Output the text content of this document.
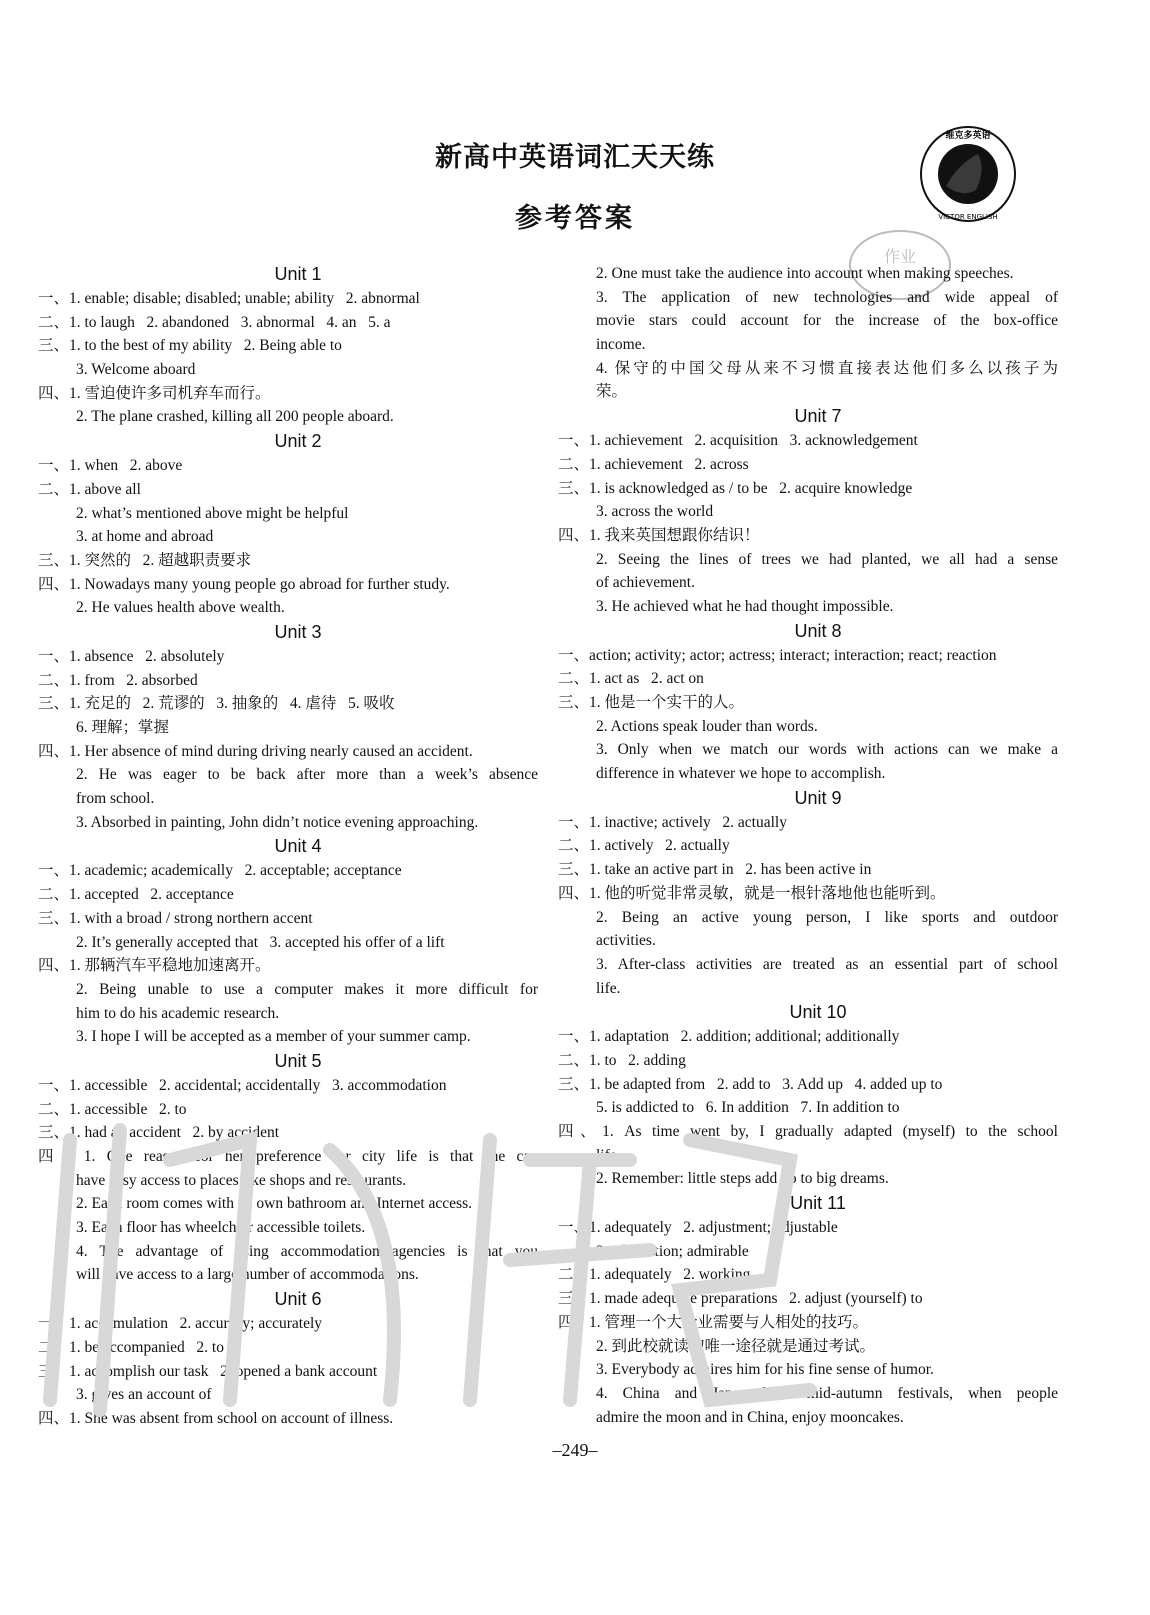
新高中英语词汇天天练
参考答案
维克多英语
VICTOR ENGLISH
作业
Unit 1
一、1. enable; disable; disabled; unable; ability   2. abnormal
二、1. to laugh   2. abandoned   3. abnormal   4. an   5. a
三、1. to the best of my ability   2. Being able to
3. Welcome aboard
四、1. 雪迫使许多司机弃车而行。
2. The plane crashed, killing all 200 people aboard.
Unit 2
一、1. when   2. above
二、1. above all
2. what’s mentioned above might be helpful
3. at home and abroad
三、1. 突然的   2. 超越职责要求
四、1. Nowadays many young people go abroad for further study.
2. He values health above wealth.
Unit 3
一、1. absence   2. absolutely
二、1. from   2. absorbed
三、1. 充足的   2. 荒谬的   3. 抽象的   4. 虐待   5. 吸收
6. 理解；掌握
四、1. Her absence of mind during driving nearly caused an accident.
2. He was eager to be back after more than a week’s absence
from school.
3. Absorbed in painting, John didn’t notice evening approaching.
Unit 4
一、1. academic; academically   2. acceptable; acceptance
二、1. accepted   2. acceptance
三、1. with a broad / strong northern accent
2. It’s generally accepted that   3. accepted his offer of a lift
四、1. 那辆汽车平稳地加速离开。
2. Being unable to use a computer makes it more difficult for
him to do his academic research.
3. I hope I will be accepted as a member of your summer camp.
Unit 5
一、1. accessible   2. accidental; accidentally   3. accommodation
二、1. accessible   2. to
三、1. had an accident   2. by accident
四、1. One reason for her preference for city life is that she can
have easy access to places like shops and restaurants.
2. Each room comes with its own bathroom and Internet access.
3. Each floor has wheelchair accessible toilets.
4. The advantage of using accommodation agencies is that you
will have access to a large number of accommodations.
Unit 6
一、1. accumulation   2. accuracy; accurately
二、1. be accompanied   2. to
三、1. accomplish our task   2. opened a bank account
3. gives an account of
四、1. She was absent from school on account of illness.
2. One must take the audience into account when making speeches.
3. The application of new technologies and wide appeal of
movie stars could account for the increase of the box-office
income.
4. 保守的中国父母从来不习惯直接表达他们多么以孩子为
荣。
Unit 7
一、1. achievement   2. acquisition   3. acknowledgement
二、1. achievement   2. across
三、1. is acknowledged as / to be   2. acquire knowledge
3. across the world
四、1. 我来英国想跟你结识！
2. Seeing the lines of trees we had planted, we all had a sense
of achievement.
3. He achieved what he had thought impossible.
Unit 8
一、action; activity; actor; actress; interact; interaction; react; reaction
二、1. act as   2. act on
三、1. 他是一个实干的人。
2. Actions speak louder than words.
3. Only when we match our words with actions can we make a
difference in whatever we hope to accomplish.
Unit 9
一、1. inactive; actively   2. actually
二、1. actively   2. actually
三、1. take an active part in   2. has been active in
四、1. 他的听觉非常灵敏，就是一根针落地他也能听到。
2. Being an active young person, I like sports and outdoor
activities.
3. After-class activities are treated as an essential part of school
life.
Unit 10
一、1. adaptation   2. addition; additional; additionally
二、1. to   2. adding
三、1. be adapted from   2. add to   3. Add up   4. added up to
5. is addicted to   6. In addition   7. In addition to
四、1. As time went by, I gradually adapted (myself) to the school
life.
2. Remember: little steps add up to big dreams.
Unit 11
一、1. adequately   2. adjustment; adjustable
3. admiration; admirable
二、1. adequately   2. working
三、1. made adequate preparations   2. adjust (yourself) to
四、1. 管理一个大企业需要与人相处的技巧。
2. 到此校就读的唯一途径就是通过考试。
3. Everybody admires him for his fine sense of humor.
4. China and Japan have mid-autumn festivals, when people
admire the moon and in China, enjoy mooncakes.
–249–
